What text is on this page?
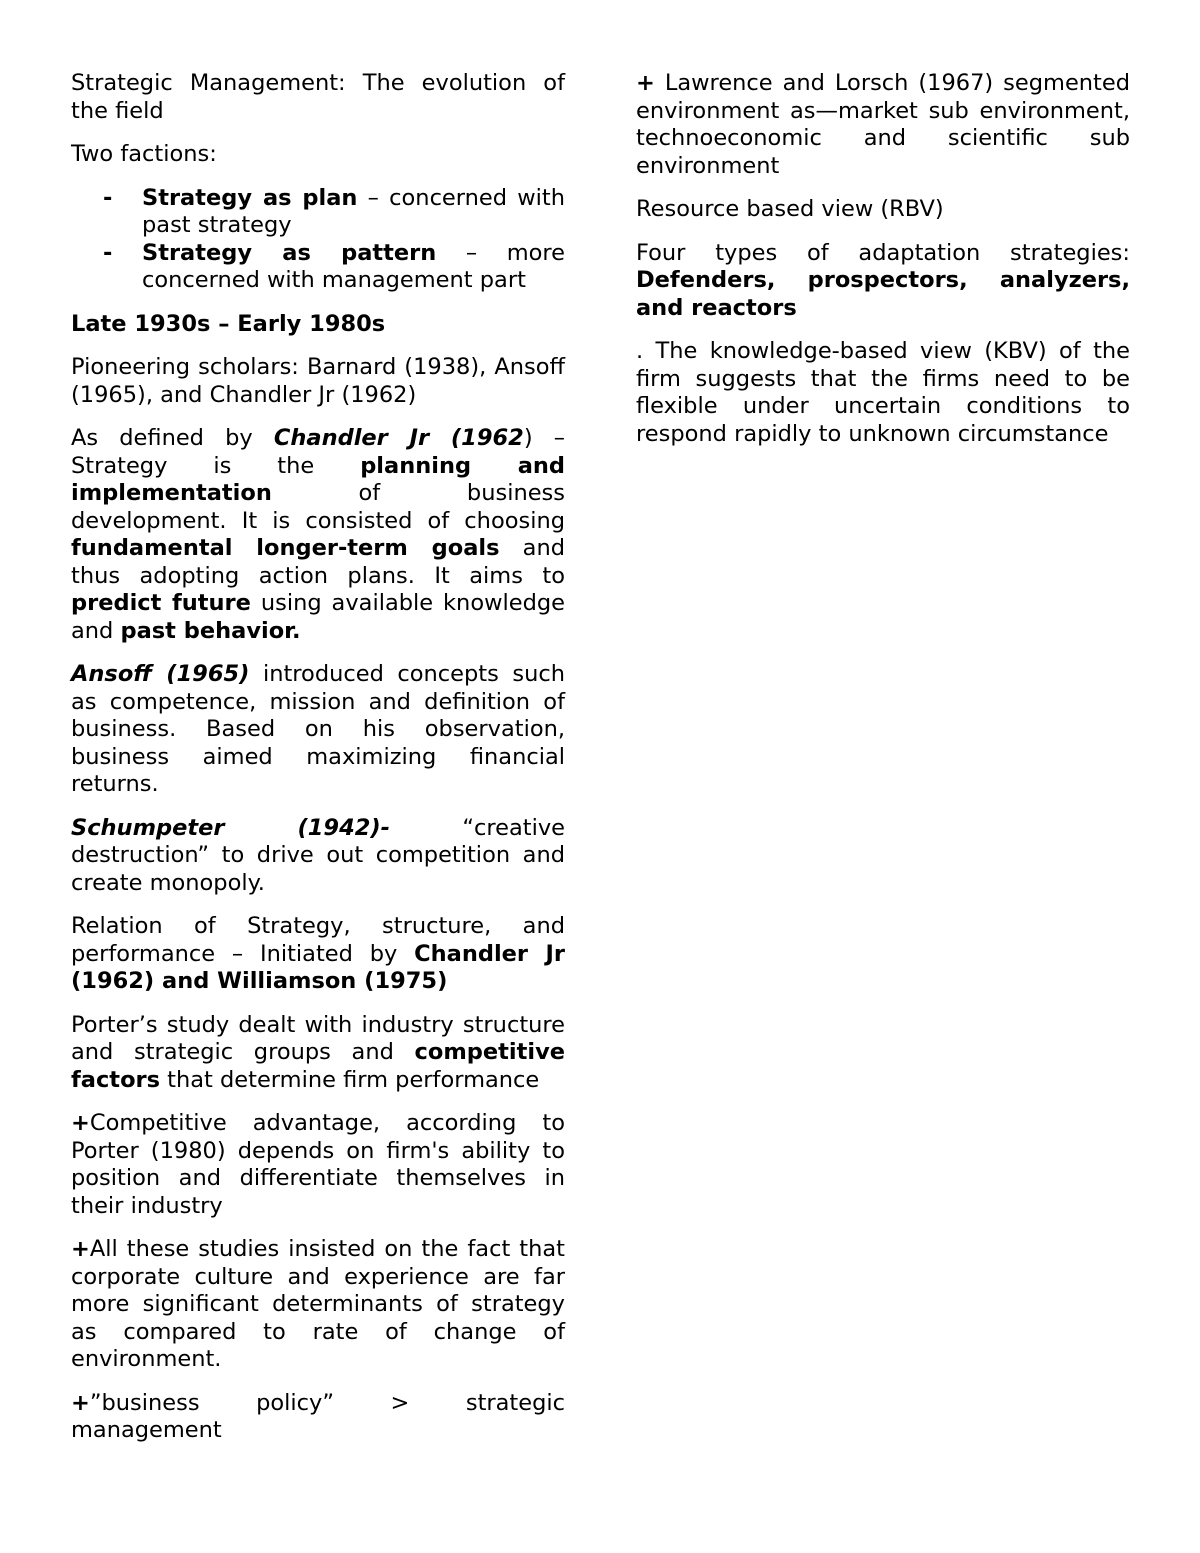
Strategic Management: The evolution of the field

Two factions:

- Strategy as plan – concerned with past strategy
- Strategy as pattern – more concerned with management part

Late 1930s – Early 1980s

Pioneering scholars: Barnard (1938), Ansoff (1965), and Chandler Jr (1962)

As defined by Chandler Jr (1962) – Strategy is the planning and implementation of business development. It is consisted of choosing fundamental longer-term goals and thus adopting action plans. It aims to predict future using available knowledge and past behavior.

Ansoff (1965) introduced concepts such as competence, mission and definition of business. Based on his observation, business aimed maximizing financial returns.

Schumpeter (1942)- “creative destruction” to drive out competition and create monopoly.

Relation of Strategy, structure, and performance – Initiated by Chandler Jr (1962) and Williamson (1975)

Porter’s study dealt with industry structure and strategic groups and competitive factors that determine firm performance

+Competitive advantage, according to Porter (1980) depends on firm's ability to position and differentiate themselves in their industry

+All these studies insisted on the fact that corporate culture and experience are far more significant determinants of strategy as compared to rate of change of environment.

+”business policy” > strategic management

+ Lawrence and Lorsch (1967) segmented environment as—market sub environment, technoeconomic and scientific sub environment

Resource based view (RBV)

Four types of adaptation strategies: Defenders, prospectors, analyzers, and reactors

. The knowledge-based view (KBV) of the firm suggests that the firms need to be flexible under uncertain conditions to respond rapidly to unknown circumstance
